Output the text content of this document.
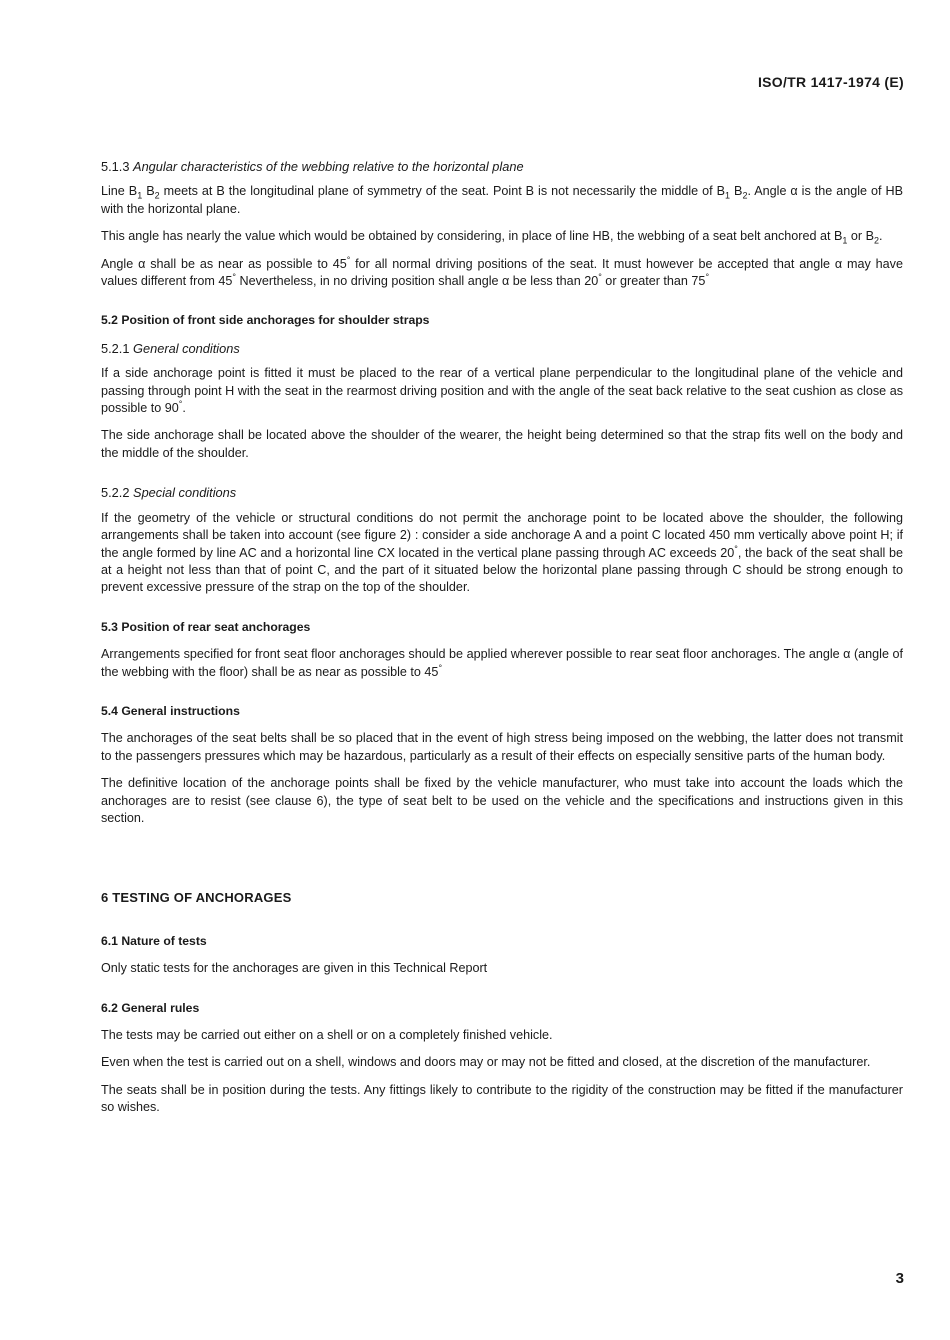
ISO/TR 1417-1974 (E)
5.1.3 Angular characteristics of the webbing relative to the horizontal plane

Line $B_1$ $B_2$ meets at B the longitudinal plane of symmetry of the seat. Point B is not necessarily the middle of $B_1$ $B_2$. Angle α is the angle of HB with the horizontal plane.

This angle has nearly the value which would be obtained by considering, in place of line HB, the webbing of a seat belt anchored at $B_1$ or $B_2$.

Angle α shall be as near as possible to 45° for all normal driving positions of the seat. It must however be accepted that angle α may have values different from 45° Nevertheless, in no driving position shall angle α be less than 20° or greater than 75°

5.2 Position of front side anchorages for shoulder straps
5.2.1 General conditions

If a side anchorage point is fitted it must be placed to the rear of a vertical plane perpendicular to the longitudinal plane of the vehicle and passing through point H with the seat in the rearmost driving position and with the angle of the seat back relative to the seat cushion as close as possible to 90°.

The side anchorage shall be located above the shoulder of the wearer, the height being determined so that the strap fits well on the body and the middle of the shoulder.

5.2.2 Special conditions

If the geometry of the vehicle or structural conditions do not permit the anchorage point to be located above the shoulder, the following arrangements shall be taken into account (see figure 2) : consider a side anchorage A and a point C located 450 mm vertically above point H; if the angle formed by line AC and a horizontal line CX located in the vertical plane passing through AC exceeds 20°, the back of the seat shall be at a height not less than that of point C, and the part of it situated below the horizontal plane passing through C should be strong enough to prevent excessive pressure of the strap on the top of the shoulder.

5.3 Position of rear seat anchorages

Arrangements specified for front seat floor anchorages should be applied wherever possible to rear seat floor anchorages. The angle α (angle of the webbing with the floor) shall be as near as possible to 45°

5.4 General instructions

The anchorages of the seat belts shall be so placed that in the event of high stress being imposed on the webbing, the latter does not transmit to the passengers pressures which may be hazardous, particularly as a result of their effects on especially sensitive parts of the human body.

The definitive location of the anchorage points shall be fixed by the vehicle manufacturer, who must take into account the loads which the anchorages are to resist (see clause 6), the type of seat belt to be used on the vehicle and the specifications and instructions given in this section.

6 TESTING OF ANCHORAGES
6.1 Nature of tests

Only static tests for the anchorages are given in this Technical Report

6.2 General rules

The tests may be carried out either on a shell or on a completely finished vehicle.

Even when the test is carried out on a shell, windows and doors may or may not be fitted and closed, at the discretion of the manufacturer.

The seats shall be in position during the tests. Any fittings likely to contribute to the rigidity of the construction may be fitted if the manufacturer so wishes.

3
